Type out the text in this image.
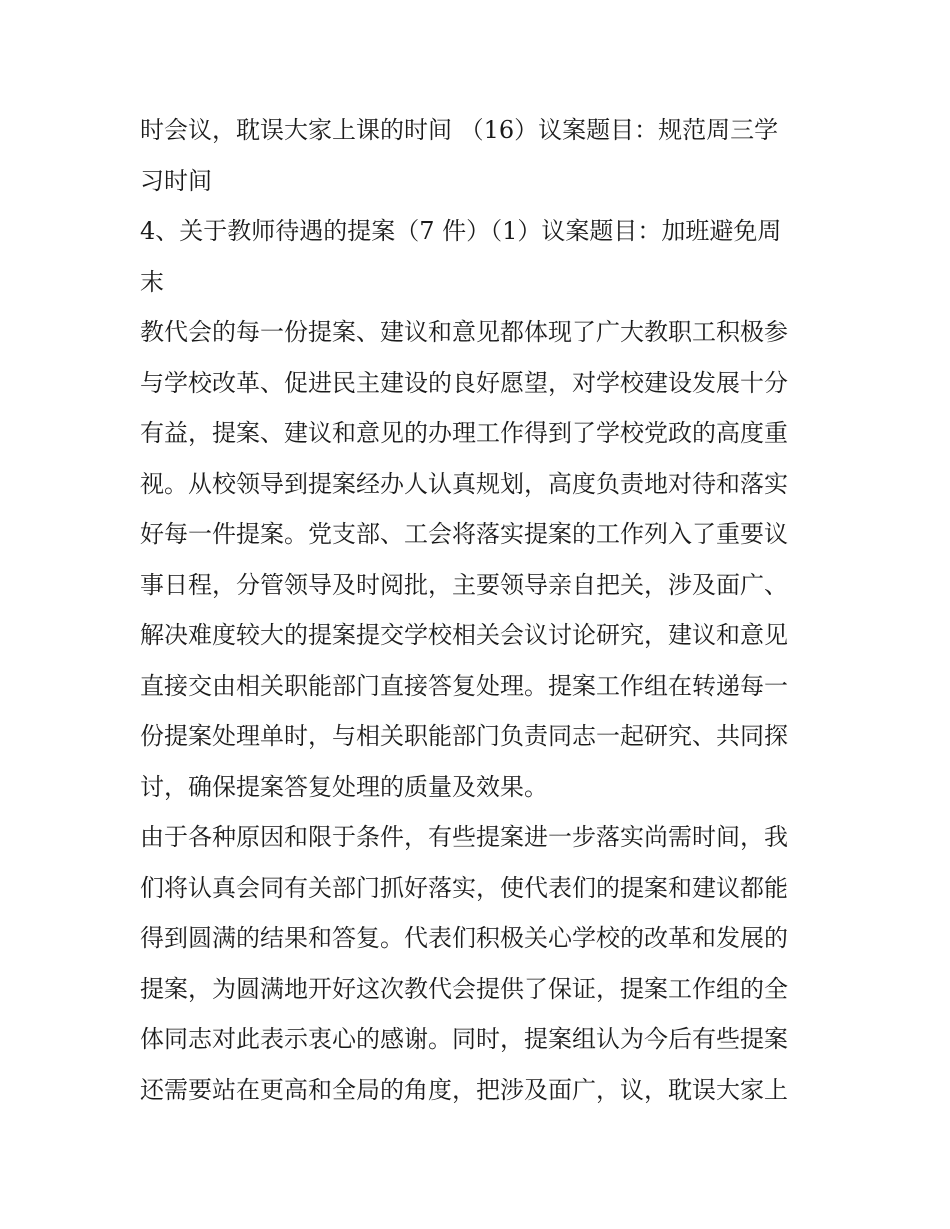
时会议，耽误大家上课的时间 （16）议案题目：规范周三学
习时间
4、关于教师待遇的提案（7 件）（1）议案题目：加班避免周
末
教代会的每一份提案、建议和意见都体现了广大教职工积极参
与学校改革、促进民主建设的良好愿望，对学校建设发展十分
有益，提案、建议和意见的办理工作得到了学校党政的高度重
视。从校领导到提案经办人认真规划，高度负责地对待和落实
好每一件提案。党支部、工会将落实提案的工作列入了重要议
事日程，分管领导及时阅批，主要领导亲自把关，涉及面广、
解决难度较大的提案提交学校相关会议讨论研究，建议和意见
直接交由相关职能部门直接答复处理。提案工作组在转递每一
份提案处理单时，与相关职能部门负责同志一起研究、共同探
讨，确保提案答复处理的质量及效果。
由于各种原因和限于条件，有些提案进一步落实尚需时间，我
们将认真会同有关部门抓好落实，使代表们的提案和建议都能
得到圆满的结果和答复。代表们积极关心学校的改革和发展的
提案，为圆满地开好这次教代会提供了保证，提案工作组的全
体同志对此表示衷心的感谢。同时，提案组认为今后有些提案
还需要站在更高和全局的角度，把涉及面广，议，耽误大家上
